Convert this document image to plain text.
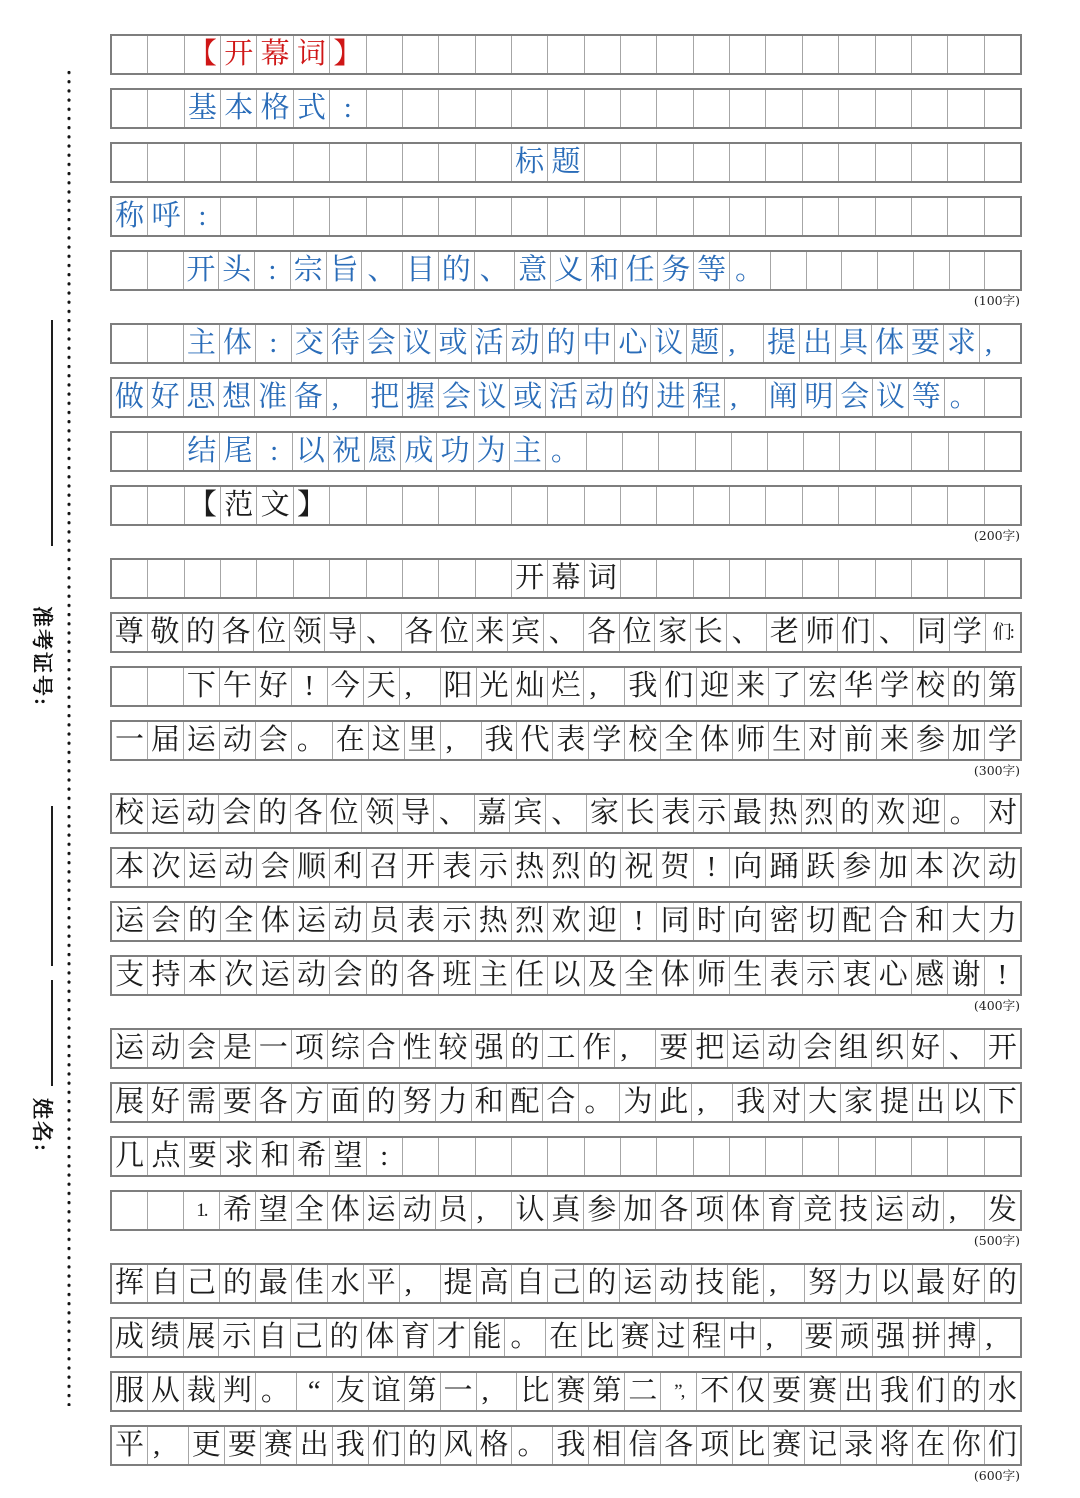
准考证号:
姓名:
【 开 幕 词 】
基 本 格 式 :
标 题
称 呼 :
开 头 : 宗 旨 、 目 的 、 意 义 和 任 务 等 。
(100字)
主 体 : 交 待 会 议 或 活 动 的 中 心 议 题 , 提 出 具 体 要 求 ,
做 好 思 想 准 备 , 把 握 会 议 或 活 动 的 进 程 , 阐 明 会 议 等 。
结 尾 : 以 祝 愿 成 功 为 主 。
【 范 文 】
(200字)
开 幕 词
尊 敬 的 各 位 领 导 、 各 位 来 宾 、 各 位 家 长 、 老 师 们 、 同 学 们:
下 午 好 ! 今 天 , 阳 光 灿 烂 , 我 们 迎 来 了 宏 华 学 校 的 第
一 届 运 动 会 。 在 这 里 , 我 代 表 学 校 全 体 师 生 对 前 来 参 加 学
(300字)
校 运 动 会 的 各 位 领 导 、 嘉 宾 、 家 长 表 示 最 热 烈 的 欢 迎 。 对
本 次 运 动 会 顺 利 召 开 表 示 热 烈 的 祝 贺 ! 向 踊 跃 参 加 本 次 动
运 会 的 全 体 运 动 员 表 示 热 烈 欢 迎 ! 同 时 向 密 切 配 合 和 大 力
支 持 本 次 运 动 会 的 各 班 主 任 以 及 全 体 师 生 表 示 衷 心 感 谢 !
(400字)
运 动 会 是 一 项 综 合 性 较 强 的 工 作 , 要 把 运 动 会 组 织 好 、 开
展 好 需 要 各 方 面 的 努 力 和 配 合 。 为 此 , 我 对 大 家 提 出 以 下
几 点 要 求 和 希 望 :
1. 希 望 全 体 运 动 员 , 认 真 参 加 各 项 体 育 竞 技 运 动 , 发
(500字)
挥 自 己 的 最 佳 水 平 , 提 高 自 己 的 运 动 技 能 , 努 力 以 最 好 的
成 绩 展 示 自 己 的 体 育 才 能 。 在 比 赛 过 程 中 , 要 顽 强 拼 搏 ,
服 从 裁 判 。 “ 友 谊 第 一 , 比 赛 第 二 ”, 不 仅 要 赛 出 我 们 的 水
平 , 更 要 赛 出 我 们 的 风 格 。 我 相 信 各 项 比 赛 记 录 将 在 你 们
(600字)
